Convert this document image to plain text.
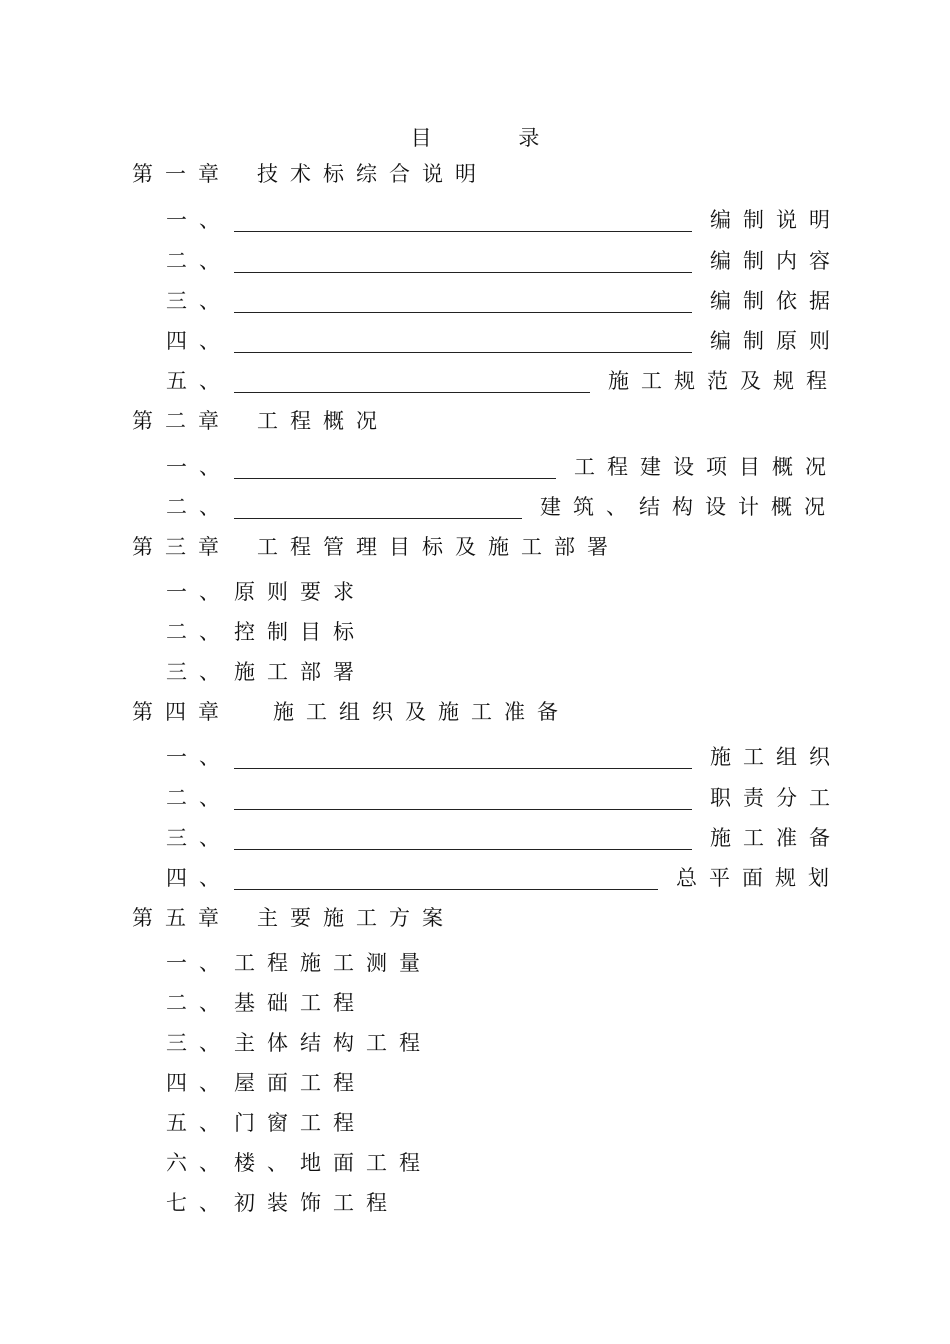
目 录
第一章 技术标综合说明
一、	编制说明
二、	编制内容
三、	编制依据
四、	编制原则
五、	施工规范及规程
第二章 工程概况
一、	工程建设项目概况
二、	建筑、结构设计概况
第三章 工程管理目标及施工部署
一、原则要求
二、控制目标
三、施工部署
第四章 施工组织及施工准备
一、	施工组织
二、	职责分工
三、	施工准备
四、	总平面规划
第五章 主要施工方案
一、工程施工测量
二、基础工程
三、主体结构工程
四、屋面工程
五、门窗工程
六、楼、地面工程
七、初装饰工程
